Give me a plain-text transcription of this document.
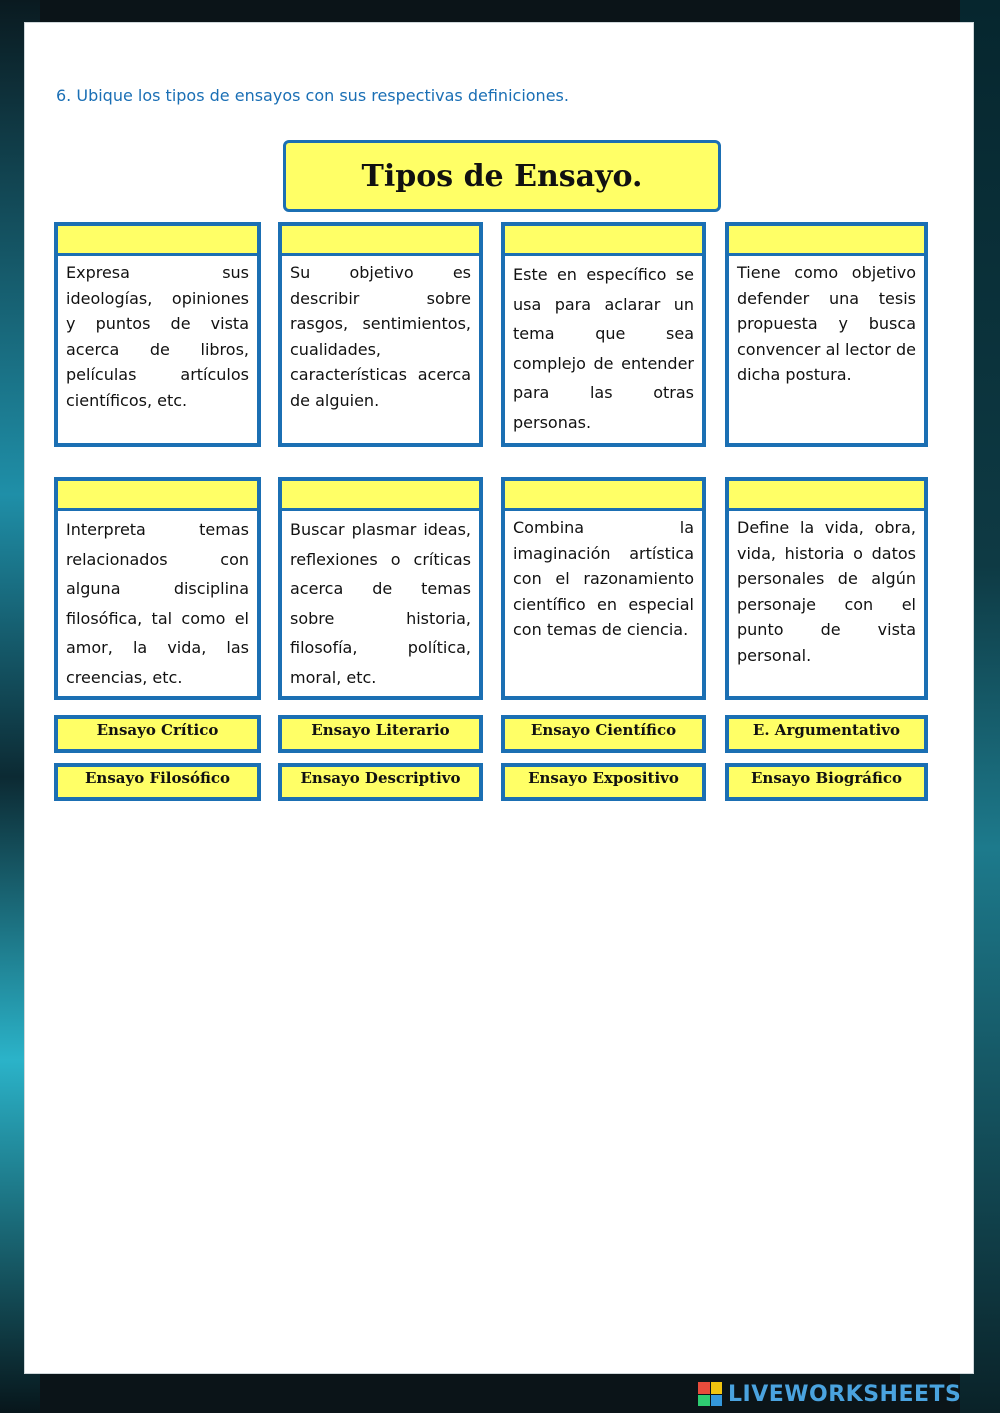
6. Ubique los tipos de ensayos con sus respectivas definiciones.

Tipos de Ensayo.

Expresa sus ideologías, opiniones y puntos de vista acerca de libros, películas artículos científicos, etc.

Su objetivo es describir sobre rasgos, sentimientos, cualidades, características acerca de alguien.

Este en específico se usa para aclarar un tema que sea complejo de entender para las otras personas.

Tiene como objetivo defender una tesis propuesta y busca convencer al lector de dicha postura.

Interpreta temas relacionados con alguna disciplina filosófica, tal como el amor, la vida, las creencias, etc.

Buscar plasmar ideas, reflexiones o críticas acerca de temas sobre historia, filosofía, política, moral, etc.

Combina la imaginación artística con el razonamiento científico en especial con temas de ciencia.

Define la vida, obra, vida, historia o datos personales de algún personaje con el punto de vista personal.

Ensayo Crítico	Ensayo Literario	Ensayo Científico	E. Argumentativo
Ensayo Filosófico	Ensayo Descriptivo	Ensayo Expositivo	Ensayo Biográfico
LIVEWORKSHEETS
